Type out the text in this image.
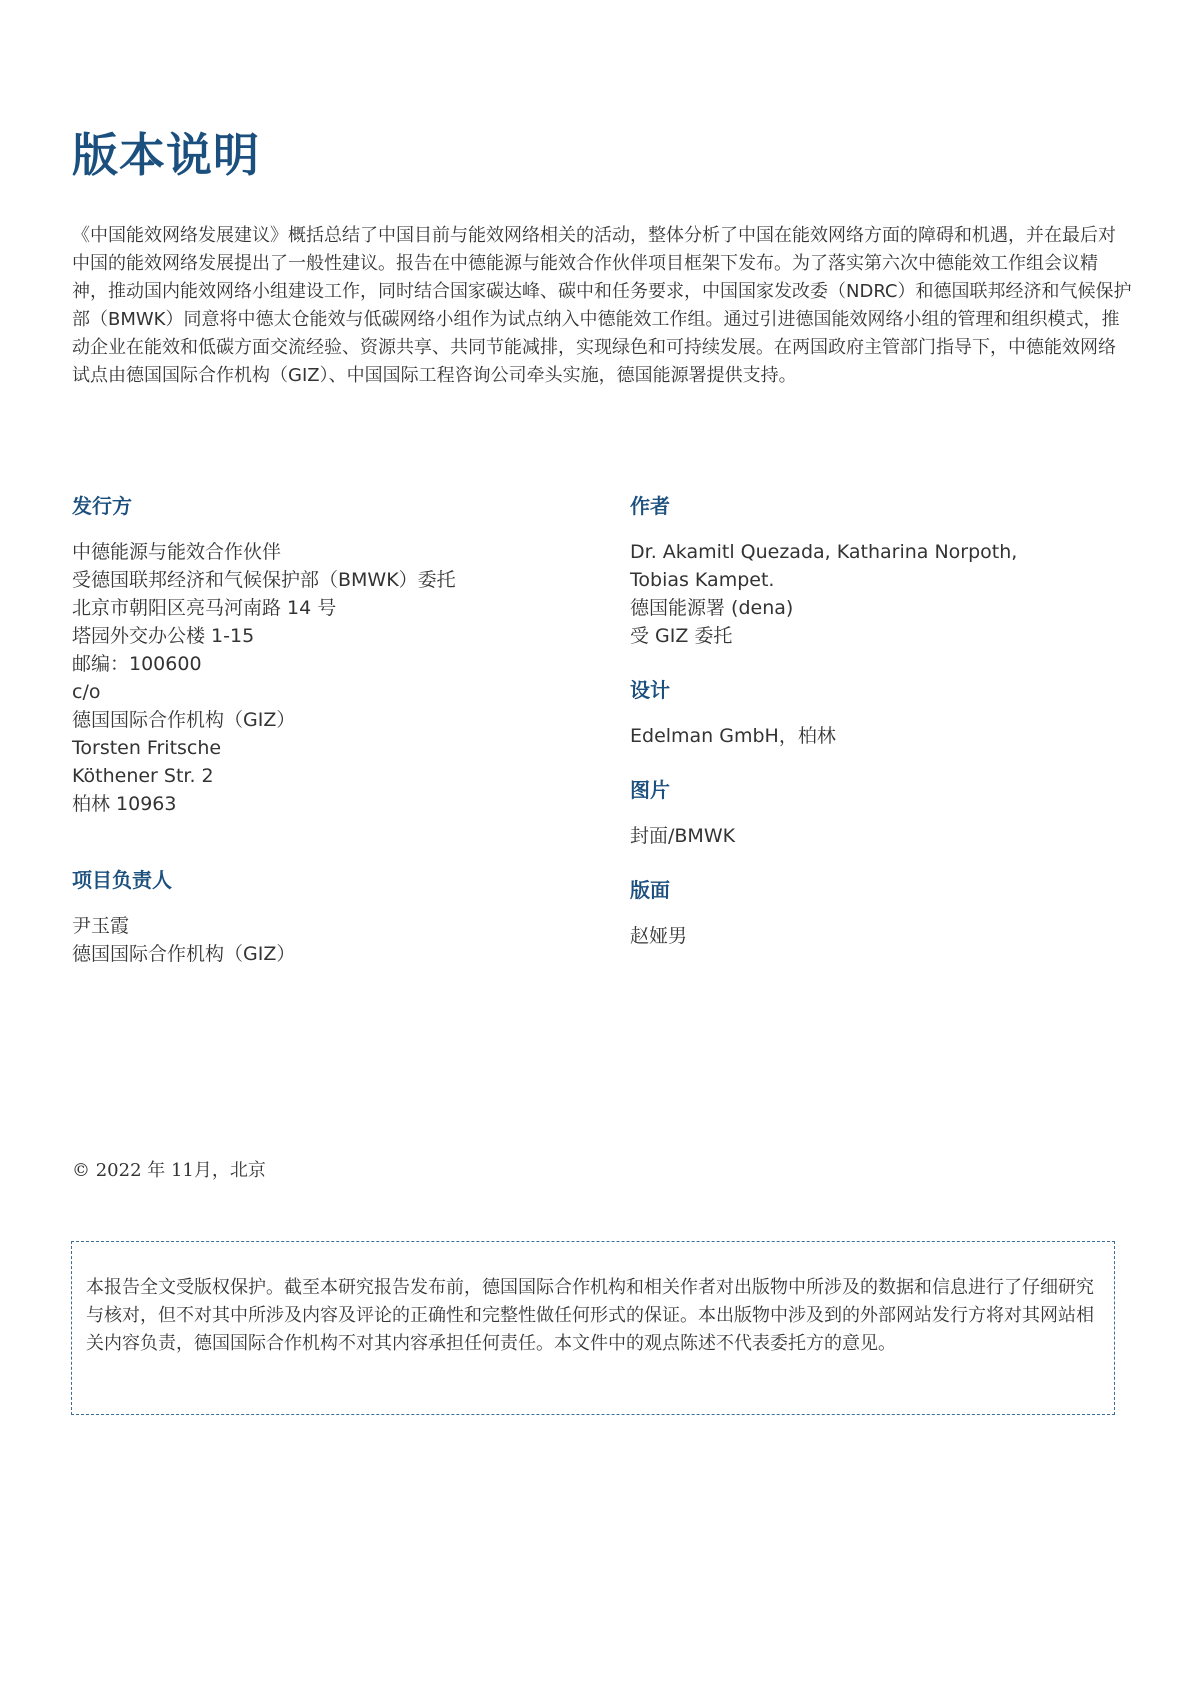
版本说明

《中国能效网络发展建议》概括总结了中国目前与能效网络相关的活动，整体分析了中国在能效网络方面的障碍和机遇，并在最后对中国的能效网络发展提出了一般性建议。报告在中德能源与能效合作伙伴项目框架下发布。为了落实第六次中德能效工作组会议精神，推动国内能效网络小组建设工作，同时结合国家碳达峰、碳中和任务要求，中国国家发改委（NDRC）和德国联邦经济和气候保护部（BMWK）同意将中德太仓能效与低碳网络小组作为试点纳入中德能效工作组。通过引进德国能效网络小组的管理和组织模式，推动企业在能效和低碳方面交流经验、资源共享、共同节能减排，实现绿色和可持续发展。在两国政府主管部门指导下，中德能效网络试点由德国国际合作机构（GIZ）、中国国际工程咨询公司牵头实施，德国能源署提供支持。

发行方
中德能源与能效合作伙伴
受德国联邦经济和气候保护部（BMWK）委托
北京市朝阳区亮马河南路 14 号
塔园外交办公楼 1-15
邮编：100600
c/o
德国国际合作机构（GIZ）
Torsten Fritsche
Köthener Str. 2
柏林 10963
项目负责人
尹玉霞
德国国际合作机构（GIZ）
作者
Dr. Akamitl Quezada, Katharina Norpoth,
Tobias Kampet.
德国能源署 (dena)
受 GIZ 委托
设计
Edelman GmbH，柏林
图片
封面/BMWK
版面
赵娅男

© 2022 年 11月，北京

本报告全文受版权保护。截至本研究报告发布前，德国国际合作机构和相关作者对出版物中所涉及的数据和信息进行了仔细研究与核对，但不对其中所涉及内容及评论的正确性和完整性做任何形式的保证。本出版物中涉及到的外部网站发行方将对其网站相关内容负责，德国国际合作机构不对其内容承担任何责任。本文件中的观点陈述不代表委托方的意见。
